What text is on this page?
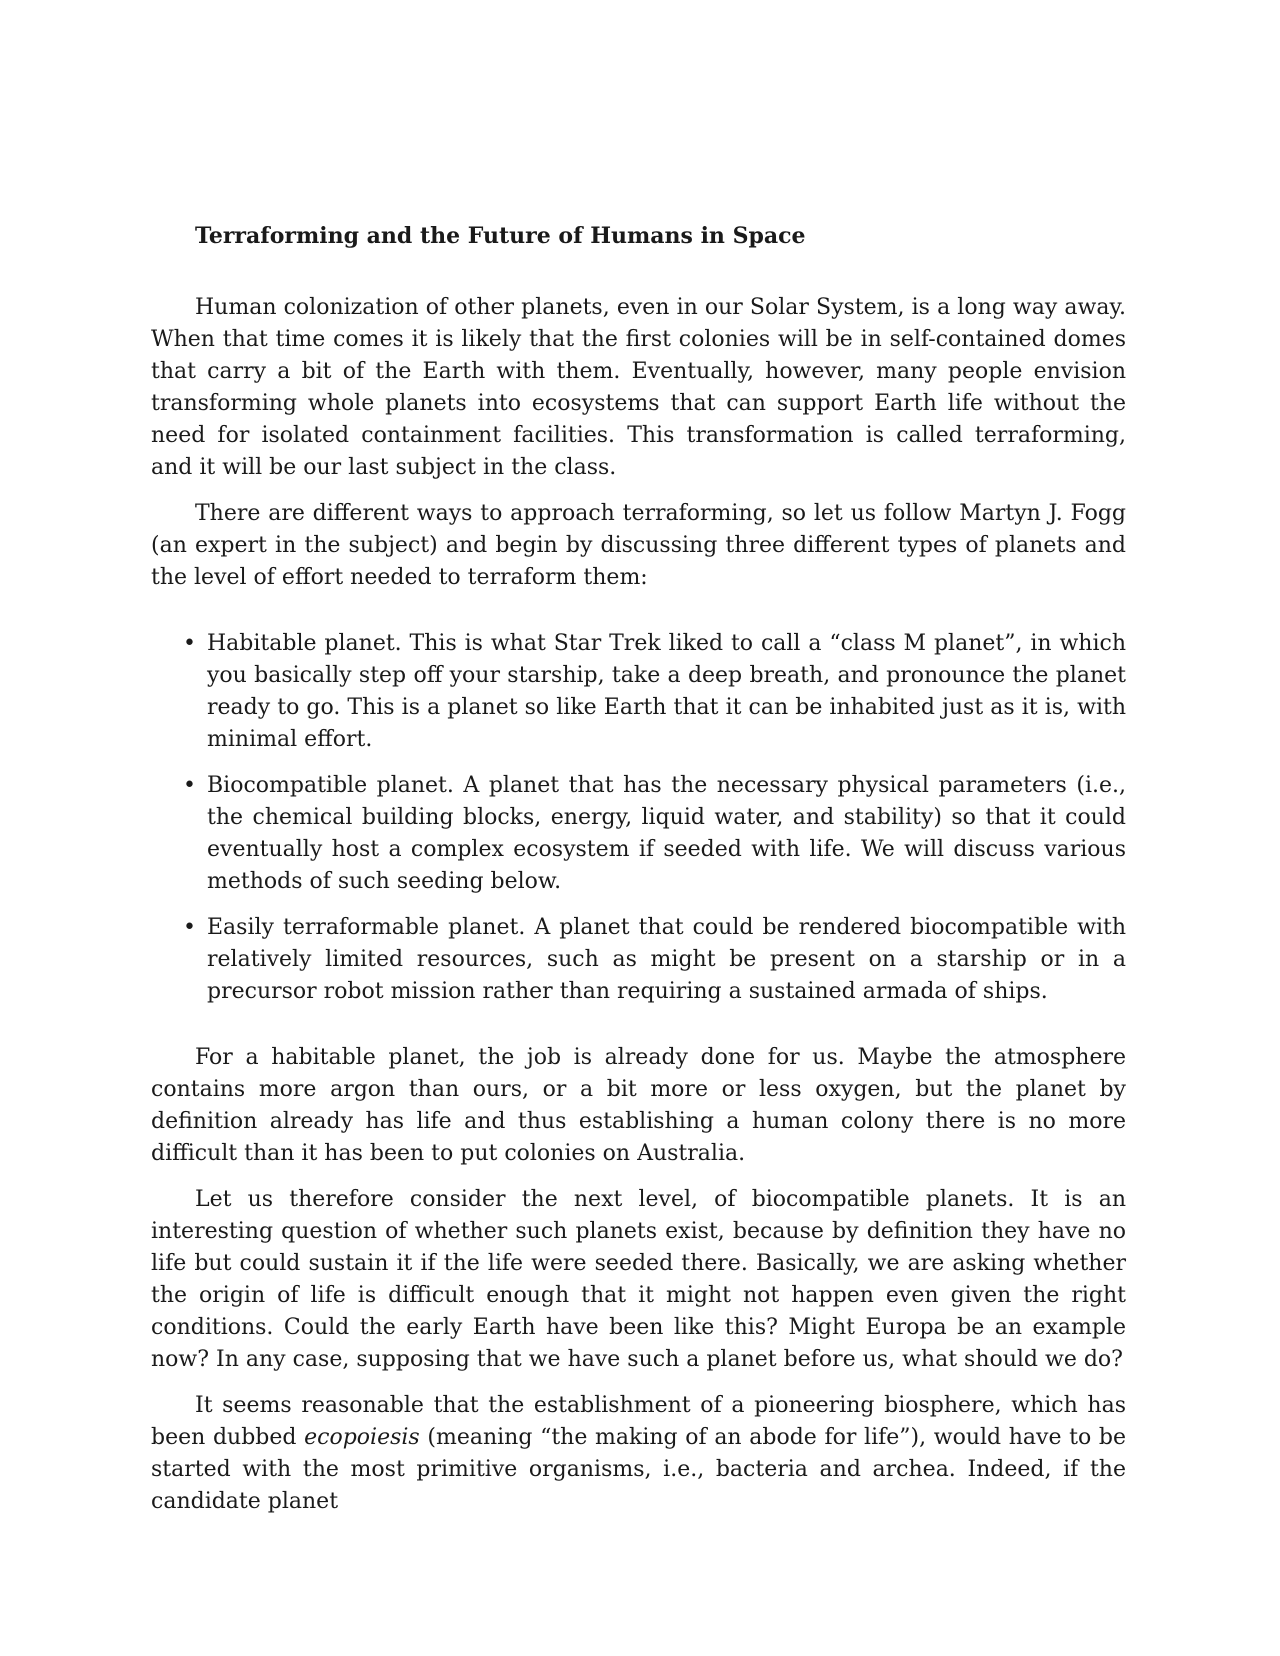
Terraforming and the Future of Humans in Space

Human colonization of other planets, even in our Solar System, is a long way away. When that time comes it is likely that the first colonies will be in self-contained domes that carry a bit of the Earth with them. Eventually, however, many people envision transforming whole planets into ecosystems that can support Earth life without the need for isolated containment facilities. This transformation is called terraforming, and it will be our last subject in the class.

There are different ways to approach terraforming, so let us follow Martyn J. Fogg (an expert in the subject) and begin by discussing three different types of planets and the level of effort needed to terraform them:

• Habitable planet. This is what Star Trek liked to call a “class M planet”, in which you basically step off your starship, take a deep breath, and pronounce the planet ready to go. This is a planet so like Earth that it can be inhabited just as it is, with minimal effort.
• Biocompatible planet. A planet that has the necessary physical parameters (i.e., the chemical building blocks, energy, liquid water, and stability) so that it could eventually host a complex ecosystem if seeded with life. We will discuss various methods of such seeding below.
• Easily terraformable planet. A planet that could be rendered biocompatible with relatively limited resources, such as might be present on a starship or in a precursor robot mission rather than requiring a sustained armada of ships.

For a habitable planet, the job is already done for us. Maybe the atmosphere contains more argon than ours, or a bit more or less oxygen, but the planet by definition already has life and thus establishing a human colony there is no more difficult than it has been to put colonies on Australia.

Let us therefore consider the next level, of biocompatible planets. It is an interesting question of whether such planets exist, because by definition they have no life but could sustain it if the life were seeded there. Basically, we are asking whether the origin of life is difficult enough that it might not happen even given the right conditions. Could the early Earth have been like this? Might Europa be an example now? In any case, supposing that we have such a planet before us, what should we do?

It seems reasonable that the establishment of a pioneering biosphere, which has been dubbed ecopoiesis (meaning “the making of an abode for life”), would have to be started with the most primitive organisms, i.e., bacteria and archea. Indeed, if the candidate planet
